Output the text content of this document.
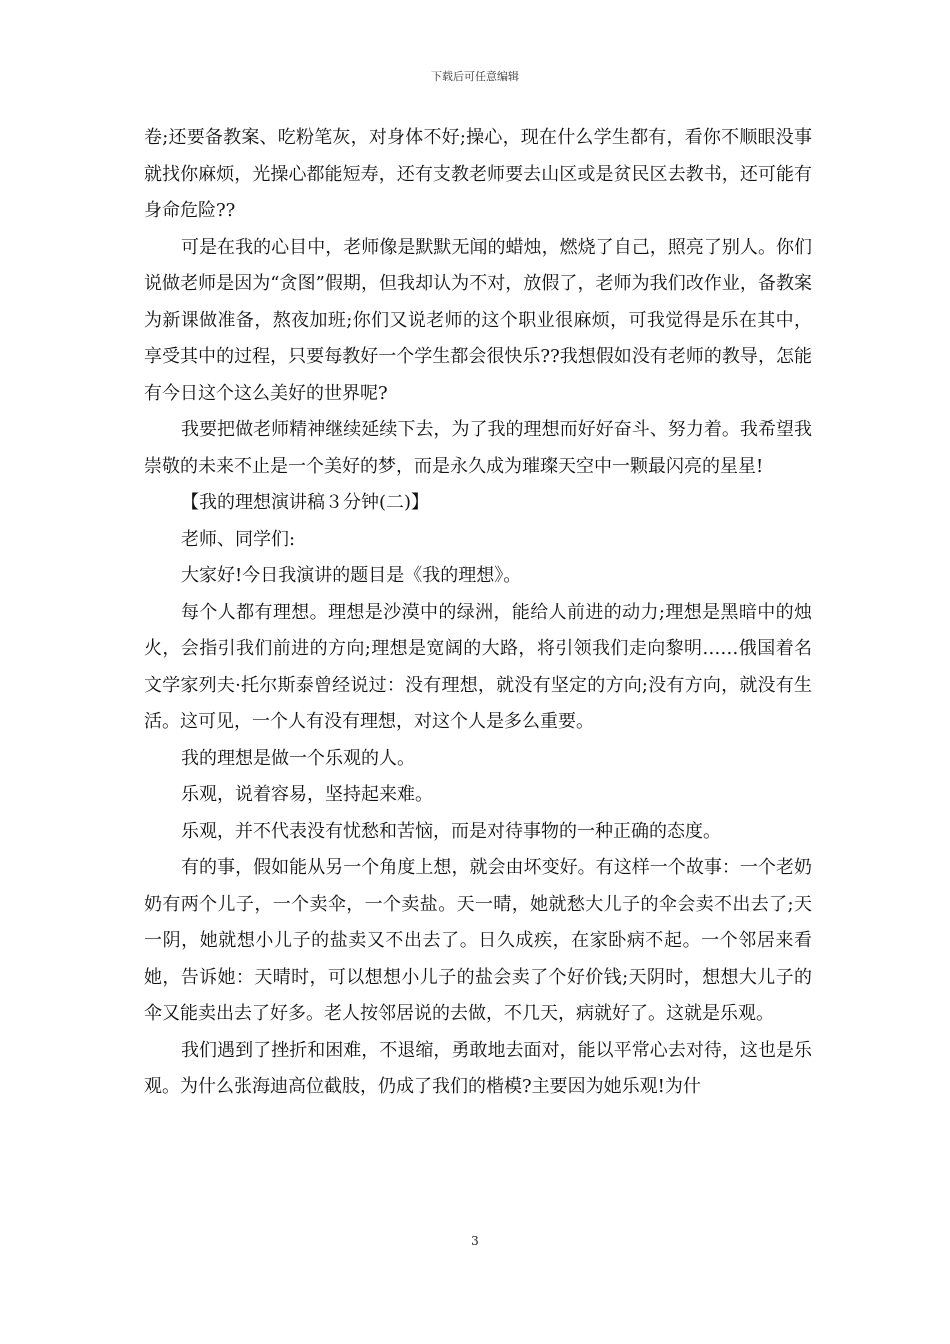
下载后可任意编辑

卷;还要备教案、吃粉笔灰，对身体不好;操心，现在什么学生都有，看你不顺眼没事就找你麻烦，光操心都能短寿，还有支教老师要去山区或是贫民区去教书，还可能有身命危险??

可是在我的心目中，老师像是默默无闻的蜡烛，燃烧了自己，照亮了别人。你们说做老师是因为“贪图”假期，但我却认为不对，放假了，老师为我们改作业，备教案为新课做准备，熬夜加班;你们又说老师的这个职业很麻烦，可我觉得是乐在其中，享受其中的过程，只要每教好一个学生都会很快乐??我想假如没有老师的教导，怎能有今日这个这么美好的世界呢?

我要把做老师精神继续延续下去，为了我的理想而好好奋斗、努力着。我希望我崇敬的未来不止是一个美好的梦，而是永久成为璀璨天空中一颗最闪亮的星星!

【我的理想演讲稿３分钟(二)】

老师、同学们:

大家好!今日我演讲的题目是《我的理想》。

每个人都有理想。理想是沙漠中的绿洲，能给人前进的动力;理想是黑暗中的烛火，会指引我们前进的方向;理想是宽阔的大路，将引领我们走向黎明……俄国着名文学家列夫·托尔斯泰曾经说过：没有理想，就没有坚定的方向;没有方向，就没有生活。这可见，一个人有没有理想，对这个人是多么重要。

我的理想是做一个乐观的人。

乐观，说着容易，坚持起来难。

乐观，并不代表没有忧愁和苦恼，而是对待事物的一种正确的态度。

有的事，假如能从另一个角度上想，就会由坏变好。有这样一个故事：一个老奶奶有两个儿子，一个卖伞，一个卖盐。天一晴，她就愁大儿子的伞会卖不出去了;天一阴，她就想小儿子的盐卖又不出去了。日久成疾，在家卧病不起。一个邻居来看她，告诉她：天晴时，可以想想小儿子的盐会卖了个好价钱;天阴时，想想大儿子的伞又能卖出去了好多。老人按邻居说的去做，不几天，病就好了。这就是乐观。

我们遇到了挫折和困难，不退缩，勇敢地去面对，能以平常心去对待，这也是乐观。为什么张海迪高位截肢，仍成了我们的楷模?主要因为她乐观!为什

3
